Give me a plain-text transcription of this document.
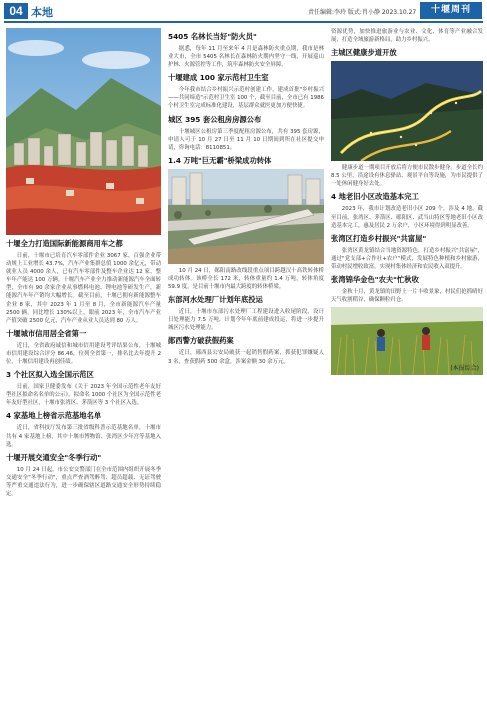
04 本地	责任编辑:李玲 版式:肖小静 2023.10.27	十堰周刊
十堰全力打造国际新能源商用车之都

日前，十堰市已培育汽车零部件企业 3067 家，百强企业带动规上工业增长 43.7%，汽车产业集群总值 1000 余亿元，带动就业人员 4000 余人，已有汽车零部件及整车企业达 12 家，整车年产能达 100 万辆。十堰汽车产业全力推动新能源汽车全面转型，全市有 90 余家企业从事燃料电池、锂电池等研发生产，新能源汽车年产销均大幅增长。截至目前，十堰已拥有新能源整车企业 8 家，其中 2023 年 1 月至 8 月，全市新能源汽车产量 2500 辆，同比增长 130%以上。眼前 2023 年，全市汽车产业产值突破 2500 亿元，汽车产业从业人员达到 80 万人。

十堰城市信用居全省第一

近日，全省政府诚信和城市信用建设考评结果公布，十堰城市信用建设综合评分 86.46，位列全省第一，排名比去年提升 2 位，十堰信用建设再创佳绩。

3 个社区拟入选全国示范区

日前，国家卫健委发布《关于 2023 年全国示范性老年友好型社区拟命名名单的公示》，拟命名 1000 个社区为全国示范性老年友好型社区，十堰市张湾区、茅箭区等 3 个社区入选。

4 家基地上榜省示范基地名单

近日，省科技厅发布第三批省级科普示范基地名单，十堰市共有 4 家基地上榜，其中十堰市博物馆、张湾区少年宫等基地入选。

十堰开展交通安全"冬季行动"

10 月 24 日起，市公安交警部门在全市范围内组织开展冬季交通安全"冬季行动"，重点严查酒驾醉驾、超员超载、无证驾驶等严重交通违法行为，进一步确保辖区道路交通安全形势持续稳定。

5405 名林长当好"防火员"

据悉，每年 11 月至来年 4 月是森林防火重点期，我市是林业大市，全市 5405 名林长在森林防火期内坚守一线，开展巡山护林、火源管控等工作，筑牢森林防火安全屏障。

十堰建成 100 家示范村卫生室

今年我市结合乡村振兴示范村创建工作，建成首批"乡村振兴——共同缔造"示范村卫生室 100 个，截至目前，全市已有 1986 个村卫生室完成标准化建设，基层群众就医更加方便快捷。

城区 395 套公租房房源公布

十堰城区公租房第三季度配租房源公布，共有 395 套房源，申请人可于 10 月 27 日至 11 月 10 日期间到所在社区提交申请，咨询电话：8110851。

1.4 万吨"巨无霸"桥梁成功转体

10 月 24 日，郧阳南路改线段重点项目跨越汉十高铁转体桥成功转体。该桥全长 172 米，转体重量约 1.4 万吨，转体角度 59.9 度，是目前十堰市内最大跨度的转体桥梁。

东部河水处理厂计划年底投运

近日，十堰市东部污水处理厂工程建设进入收尾阶段，设计日处理能力 7.5 万吨，计划今年年底前建成投运，将进一步提升城区污水处理能力。

郧西警方破获假药案

近日，郧西县公安局破获一起销售假药案，抓获犯罪嫌疑人 3 名，查获假药 500 余盒，涉案金额 30 余万元。

资源优势，加快推进旅游业与农业、文化、体育等产业融合发展，打造全域旅游新格局，助力乡村振兴。

主城区健康步道开放

健康步道一期项目开放后将方便市民散步健身。步道全长约 8.5 公里，沿途设有休息驿站、观景平台等设施，为市民提供了一处休闲健身好去处。

4 地老旧小区改造基本完工

2023 年，我市计划改造老旧小区 209 个，涉及 4 地，截至目前，张湾区、茅箭区、郧阳区、武当山特区等地老旧小区改造基本完工，惠及居民 2 万余户，小区环境得到明显改善。

张湾区打造乡村振兴"共富屋"

张湾区黄龙镇结合当地资源特色，打造乡村振兴"共富屋"，通过"党支部+合作社+农户"模式，发展特色种植和乡村旅游，带动村民增收致富，实现村集体经济和农民收入双提升。

张湾锦华金色"农夫"忙秋收

金秋十月，黄龙镇的田野上一片丰收景象，村民们抢抓晴好天气收割稻谷，确保颗粒归仓。

(本报综合)
